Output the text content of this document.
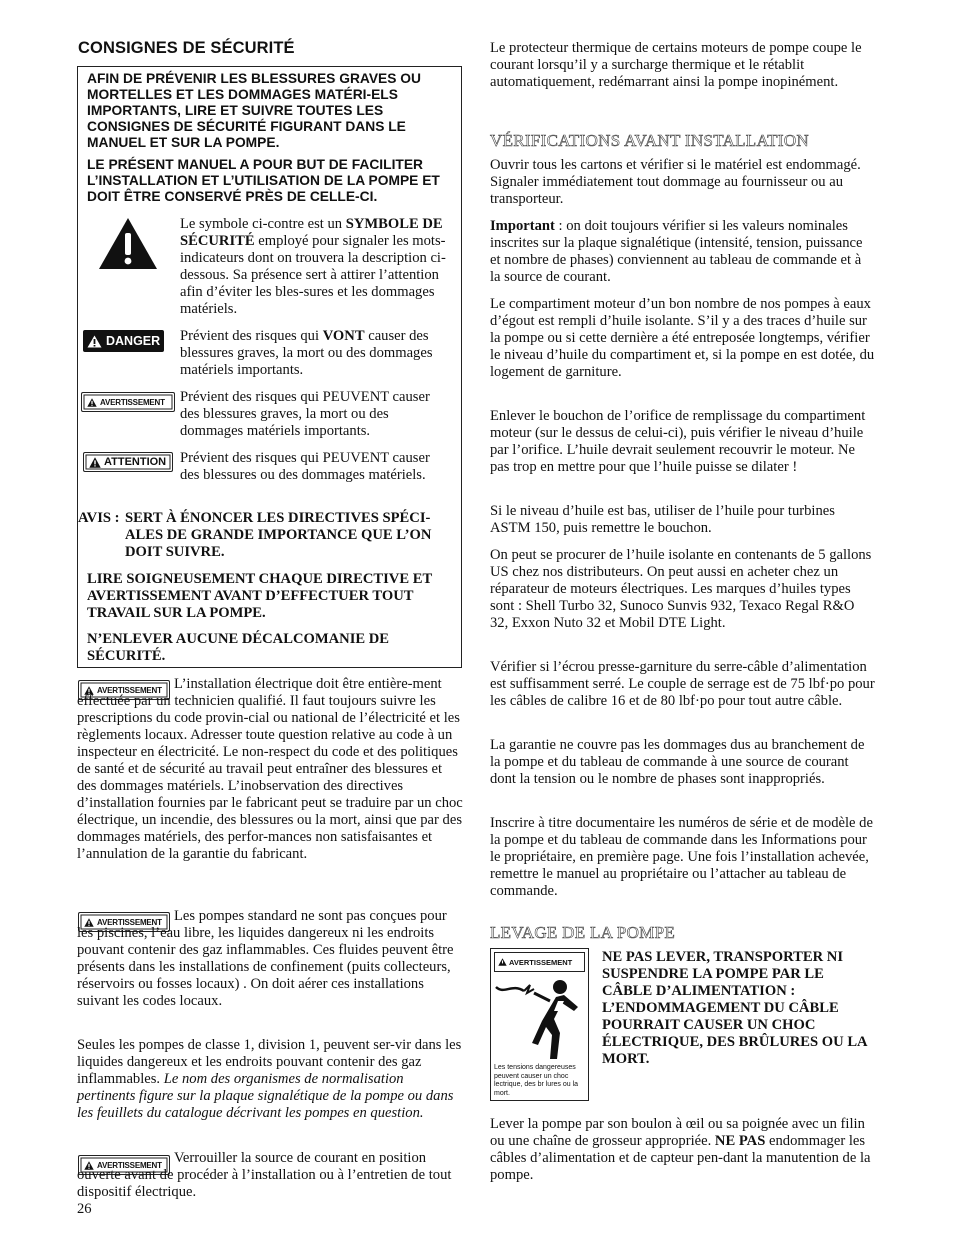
CONSIGNES DE SÉCURITÉ
AFIN DE PRÉVENIR LES BLESSURES GRAVES OU MORTELLES ET LES DOMMAGES MATÉRI-ELS IMPORTANTS, LIRE ET SUIVRE TOUTES LES CONSIGNES DE SÉCURITÉ FIGURANT DANS LE MANUEL ET SUR LA POMPE.
LE PRÉSENT MANUEL A POUR BUT DE FACILITER L’INSTALLATION ET L’UTILISATION DE LA POMPE ET DOIT ÊTRE CONSERVÉ PRÈS DE CELLE-CI.
Le symbole ci-contre est un SYMBOLE DE SÉCURITÉ employé pour signaler les mots-indicateurs dont on trouvera la description ci-dessous. Sa présence sert à attirer l’attention afin d’éviter les bles-sures et les dommages matériels.
DANGER Prévient des risques qui VONT causer des blessures graves, la mort ou des dommages matériels importants.
AVERTISSEMENT Prévient des risques qui PEUVENT causer des blessures graves, la mort ou des dommages matériels importants.
ATTENTION Prévient des risques qui PEUVENT causer des blessures ou des dommages matériels.
AVIS : SERT À ÉNONCER LES DIRECTIVES SPÉCI-ALES DE GRANDE IMPORTANCE QUE L’ON DOIT SUIVRE.
LIRE SOIGNEUSEMENT CHAQUE DIRECTIVE ET AVERTISSEMENT AVANT D’EFFECTUER TOUT TRAVAIL SUR LA POMPE.
N’ENLEVER AUCUNE DÉCALCOMANIE DE SÉCURITÉ.
AVERTISSEMENT L’installation électrique doit être entière-ment effectuée par un technicien qualifié. Il faut toujours suivre les prescriptions du code provin-cial ou national de l’électricité et les règlements locaux. Adresser toute question relative au code à un inspecteur en électricité. Le non-respect du code et des politiques de santé et de sécurité au travail peut entraîner des blessures et des dommages matériels. L’inobservation des directives d’installation fournies par le fabricant peut se traduire par un choc électrique, un incendie, des blessures ou la mort, ainsi que par des dommages matériels, des perfor-mances non satisfaisantes et l’annulation de la garantie du fabricant.
AVERTISSEMENT Les pompes standard ne sont pas conçues pour les piscines, l’eau libre, les liquides dangereux ni les endroits pouvant contenir des gaz inflammables. Ces fluides peuvent être présents dans les installations de confinement (puits collecteurs, réservoirs ou fosses locaux) . On doit aérer ces installations suivant les codes locaux.
Seules les pompes de classe 1, division 1, peuvent ser-vir dans les liquides dangereux et les endroits pouvant contenir des gaz inflammables. Le nom des organismes de normalisation pertinents figure sur la plaque signalétique de la pompe ou dans les feuillets du catalogue décrivant les pompes en question.
AVERTISSEMENT Verrouiller la source de courant en position ouverte avant de procéder à l’installation ou à l’entretien de tout dispositif électrique.
26
Le protecteur thermique de certains moteurs de pompe coupe le courant lorsqu’il y a surcharge thermique et le rétablit automatiquement, redémarrant ainsi la pompe inopinément.
VÉRIFICATIONS AVANT INSTALLATION
Ouvrir tous les cartons et vérifier si le matériel est endommagé. Signaler immédiatement tout dommage au fournisseur ou au transporteur.
Important : on doit toujours vérifier si les valeurs nominales inscrites sur la plaque signalétique (intensité, tension, puissance et nombre de phases) conviennent au tableau de commande et à la source de courant.
Le compartiment moteur d’un bon nombre de nos pompes à eaux d’égout est rempli d’huile isolante. S’il y a des traces d’huile sur la pompe ou si cette dernière a été entreposée longtemps, vérifier le niveau d’huile du compartiment et, si la pompe en est dotée, du logement de garniture.
Enlever le bouchon de l’orifice de remplissage du compartiment moteur (sur le dessus de celui-ci), puis vérifier le niveau d’huile par l’orifice. L’huile devrait seulement recouvrir le moteur. Ne pas trop en mettre pour que l’huile puisse se dilater !
Si le niveau d’huile est bas, utiliser de l’huile pour turbines ASTM 150, puis remettre le bouchon.
On peut se procurer de l’huile isolante en contenants de 5 gallons US chez nos distributeurs. On peut aussi en acheter chez un réparateur de moteurs électriques. Les marques d’huiles types sont : Shell Turbo 32, Sunoco Sunvis 932, Texaco Regal R&O 32, Exxon Nuto 32 et Mobil DTE Light.
Vérifier si l’écrou presse-garniture du serre-câble d’alimentation est suffisamment serré. Le couple de serrage est de 75 lbf·po pour les câbles de calibre 16 et de 80 lbf·po pour tout autre câble.
La garantie ne couvre pas les dommages dus au branchement de la pompe et du tableau de commande à une source de courant dont la tension ou le nombre de phases sont inappropriés.
Inscrire à titre documentaire les numéros de série et de modèle de la pompe et du tableau de commande dans les Informations pour le propriétaire, en première page. Une fois l’installation achevée, remettre le manuel au propriétaire ou l’attacher au tableau de commande.
LEVAGE DE LA POMPE
AVERTISSEMENT
Les tensions dangereuses peuvent causer un choc lectrique, des br lures ou la mort.
NE PAS LEVER, TRANSPORTER NI SUSPENDRE LA POMPE PAR LE CÂBLE D’ALIMENTATION : L’ENDOMMAGEMENT DU CÂBLE POURRAIT CAUSER UN CHOC ÉLECTRIQUE, DES BRÛLURES OU LA MORT.
Lever la pompe par son boulon à œil ou sa poignée avec un filin ou une chaîne de grosseur appropriée. NE PAS endommager les câbles d’alimentation et de capteur pen-dant la manutention de la pompe.
